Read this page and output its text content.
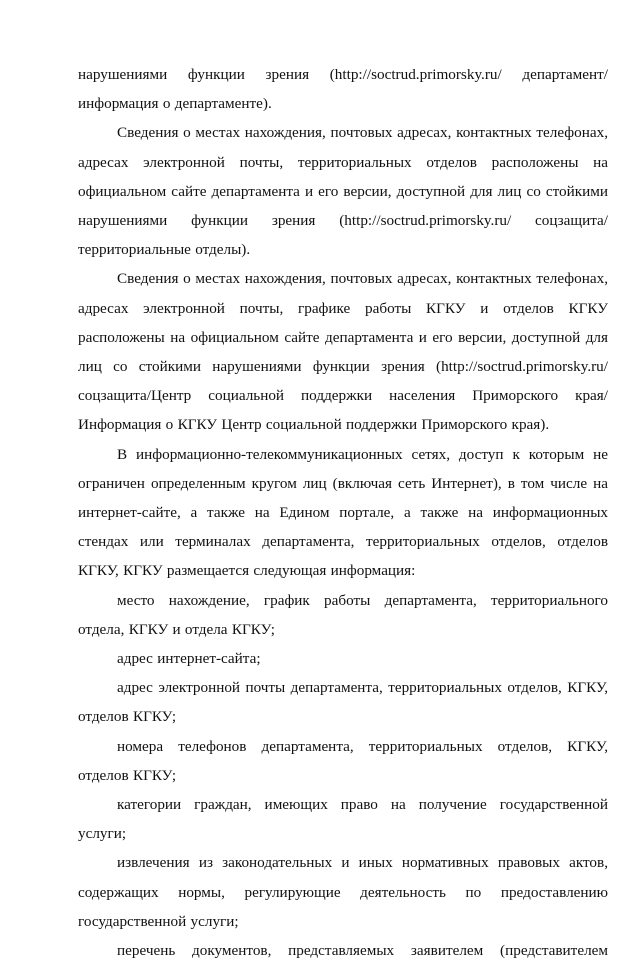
нарушениями функции зрения (http://soctrud.primorsky.ru/ департамент/информация о департаменте).

Сведения о местах нахождения, почтовых адресах, контактных телефонах, адресах электронной почты, территориальных отделов расположены на официальном сайте департамента и его версии, доступной для лиц со стойкими нарушениями функции зрения (http://soctrud.primorsky.ru/ соцзащита/территориальные отделы).

Сведения о местах нахождения, почтовых адресах, контактных телефонах, адресах электронной почты, графике работы КГКУ и отделов КГКУ расположены на официальном сайте департамента и его версии, доступной для лиц со стойкими нарушениями функции зрения (http://soctrud.primorsky.ru/ соцзащита/Центр социальной поддержки населения Приморского края/Информация о КГКУ Центр социальной поддержки Приморского края).

В информационно-телекоммуникационных сетях, доступ к которым не ограничен определенным кругом лиц (включая сеть Интернет), в том числе на интернет-сайте, а также на Едином портале, а также на информационных стендах или терминалах департамента, территориальных отделов, отделов КГКУ, КГКУ размещается следующая информация:

место нахождение, график работы департамента, территориального отдела, КГКУ и отдела КГКУ;

адрес интернет-сайта;

адрес электронной почты департамента, территориальных отделов, КГКУ, отделов КГКУ;

номера телефонов департамента, территориальных отделов, КГКУ, отделов КГКУ;

категории граждан, имеющих право на получение государственной услуги;

извлечения из законодательных и иных нормативных правовых актов, содержащих нормы, регулирующие деятельность по предоставлению государственной услуги;

перечень документов, представляемых заявителем (представителем
